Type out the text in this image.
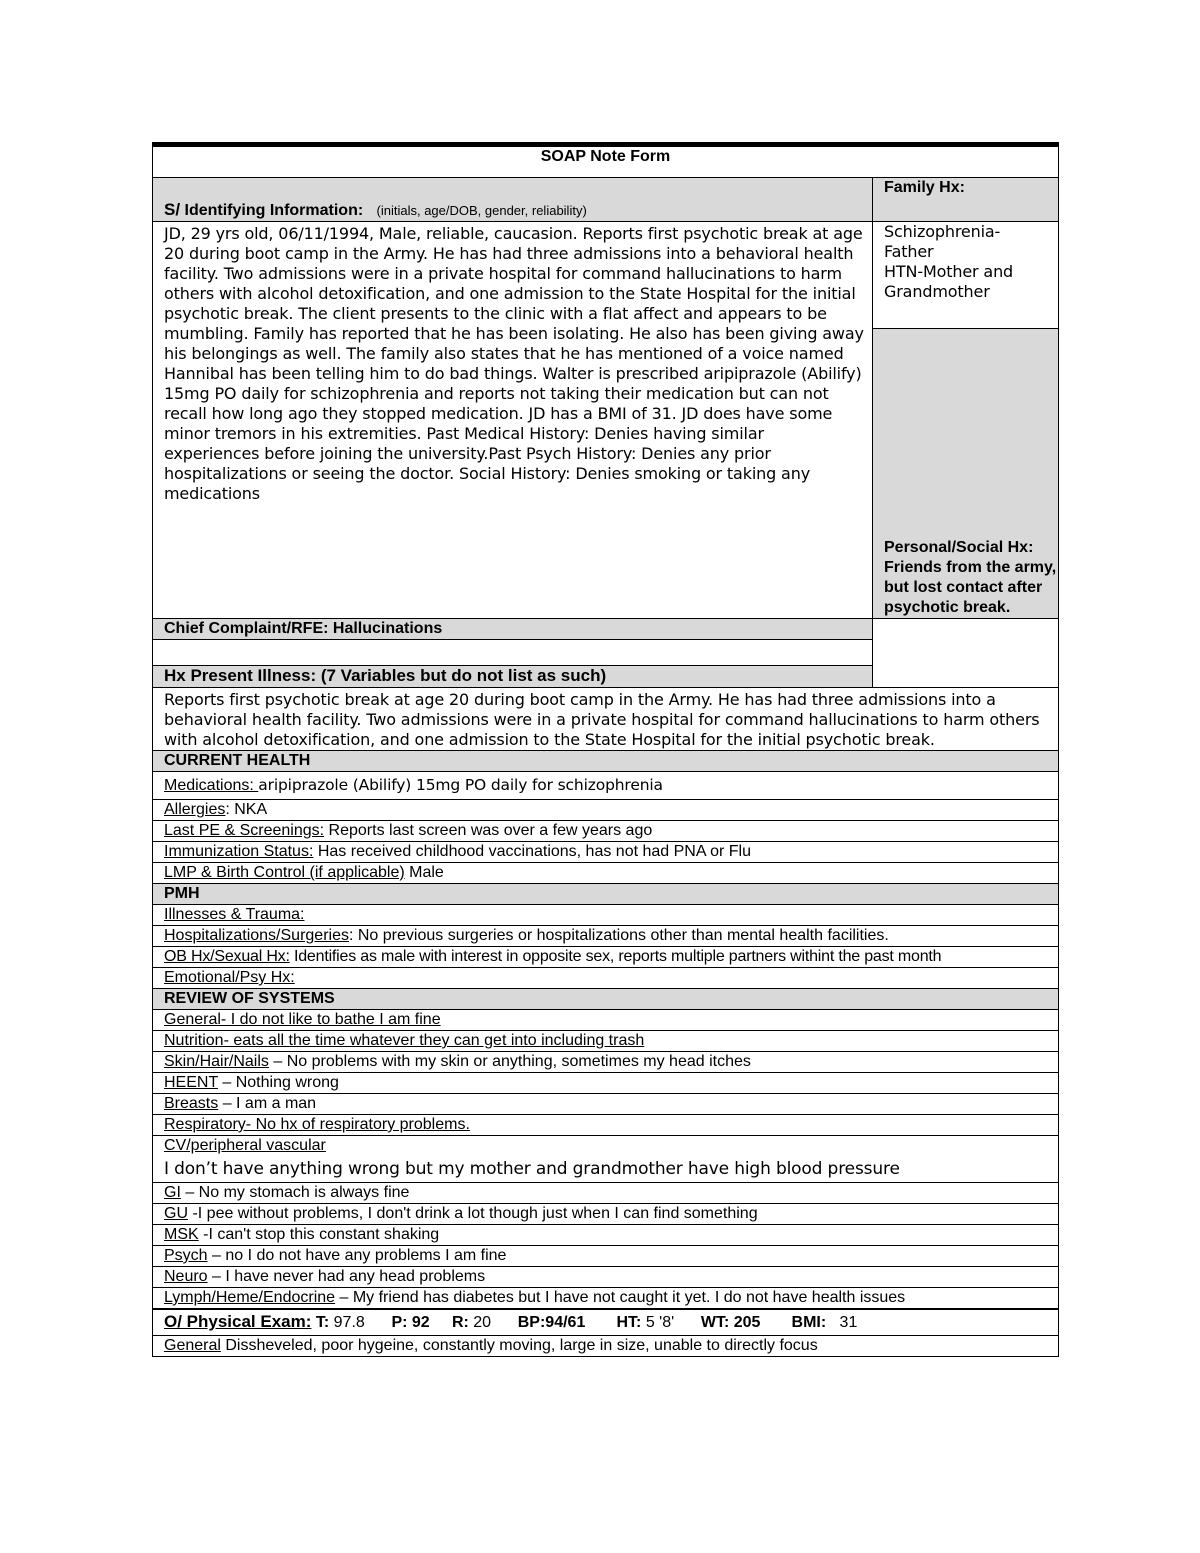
SOAP Note Form
S/ Identifying Information: (initials, age/DOB, gender, reliability)	Family Hx:
JD, 29 yrs old, 06/11/1994, Male, reliable, caucasion. Reports first psychotic break at age 20 during boot camp in the Army. He has had three admissions into a behavioral health facility. Two admissions were in a private hospital for command hallucinations to harm others with alcohol detoxification, and one admission to the State Hospital for the initial psychotic break. The client presents to the clinic with a flat affect and appears to be mumbling. Family has reported that he has been isolating. He also has been giving away his belongings as well. The family also states that he has mentioned of a voice named Hannibal has been telling him to do bad things. Walter is prescribed aripiprazole (Abilify) 15mg PO daily for schizophrenia and reports not taking their medication but can not recall how long ago they stopped medication. JD has a BMI of 31. JD does have some minor tremors in his extremities. Past Medical History: Denies having similar experiences before joining the university.Past Psych History: Denies any prior hospitalizations or seeing the doctor. Social History: Denies smoking or taking any medications	
Schizophrenia-
Father
HTN-Mother and
Grandmother

Personal/Social Hx: Friends from the army, but lost contact after psychotic break.

Chief Complaint/RFE: Hallucinations

Hx Present Illness: (7 Variables but do not list as such)

Reports first psychotic break at age 20 during boot camp in the Army. He has had three admissions into a behavioral health facility. Two admissions were in a private hospital for command hallucinations to harm others with alcohol detoxification, and one admission to the State Hospital for the initial psychotic break.
CURRENT HEALTH
Medications: aripiprazole (Abilify) 15mg PO daily for schizophrenia
Allergies: NKA
Last PE & Screenings: Reports last screen was over a few years ago
Immunization Status: Has received childhood vaccinations, has not had PNA or Flu
LMP & Birth Control (if applicable) Male
PMH
Illnesses & Trauma:
Hospitalizations/Surgeries: No previous surgeries or hospitalizations other than mental health facilities.
OB Hx/Sexual Hx: Identifies as male with interest in opposite sex, reports multiple partners withint the past month
Emotional/Psy Hx:
REVIEW OF SYSTEMS
General- I do not like to bathe I am fine
Nutrition- eats all the time whatever they can get into including trash
Skin/Hair/Nails – No problems with my skin or anything, sometimes my head itches
HEENT – Nothing wrong
Breasts – I am a man
Respiratory- No hx of respiratory problems.

CV/peripheral vascular
I don’t have anything wrong but my mother and grandmother have high blood pressure

GI – No my stomach is always fine
GU -I pee without problems, I don't drink a lot though just when I can find something
MSK -I can't stop this constant shaking
Psych – no I do not have any problems I am fine
Neuro – I have never had any head problems
Lymph/Heme/Endocrine – My friend has diabetes but I have not caught it yet. I do not have health issues
O/ Physical Exam: T: 97.8 P: 92 R: 20 BP:94/61 HT: 5 '8' WT: 205 BMI: 31
General Dissheveled, poor hygeine, constantly moving, large in size, unable to directly focus
